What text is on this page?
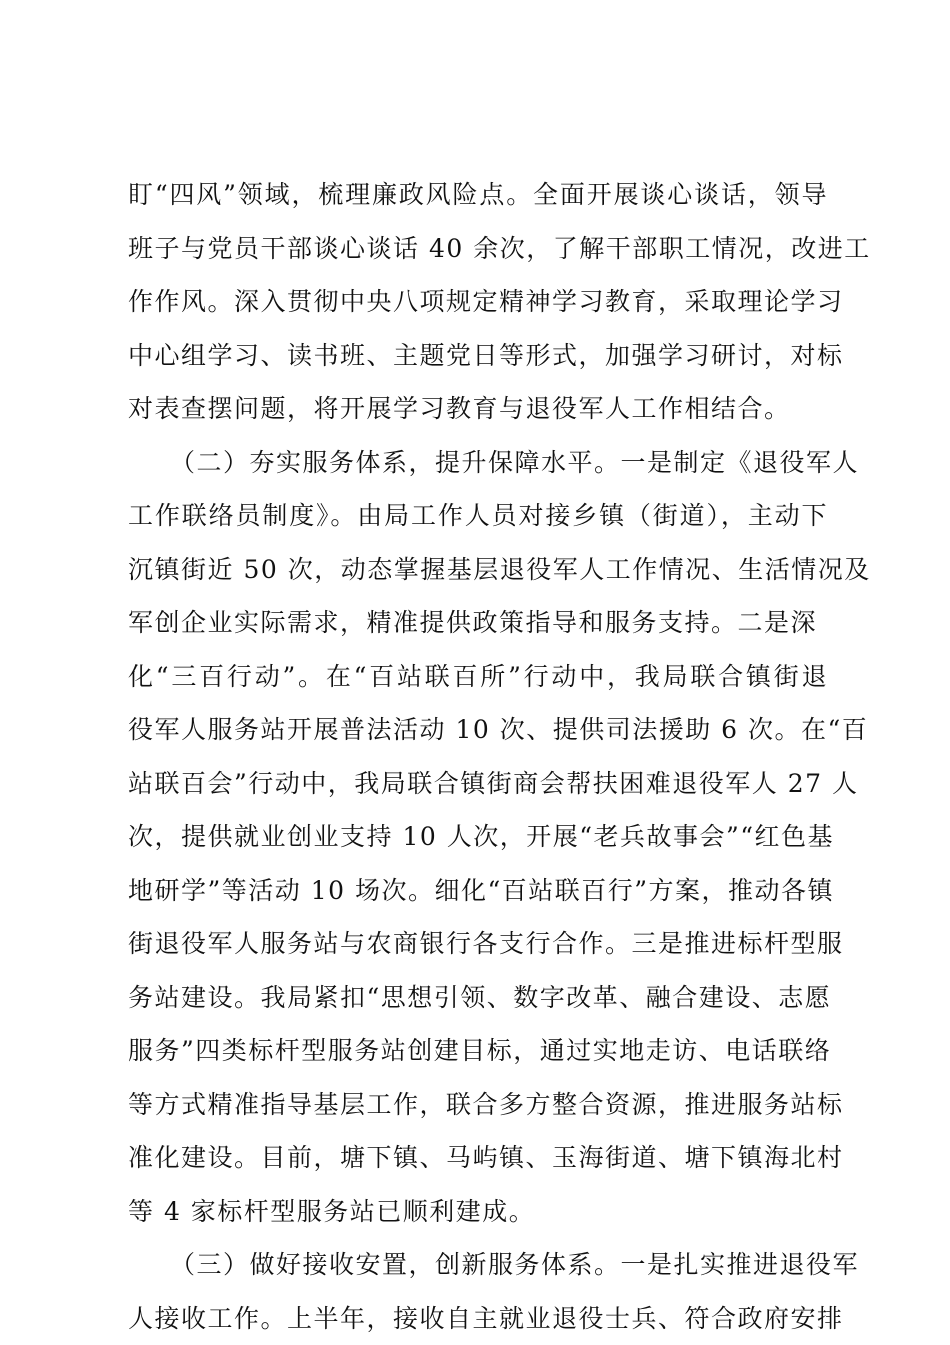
盯“四风”领域，梳理廉政风险点。全面开展谈心谈话，领导
班子与党员干部谈心谈话 40 余次，了解干部职工情况，改进工
作作风。深入贯彻中央八项规定精神学习教育，采取理论学习
中心组学习、读书班、主题党日等形式，加强学习研讨，对标
对表查摆问题，将开展学习教育与退役军人工作相结合。
（二）夯实服务体系，提升保障水平。一是制定《退役军人
工作联络员制度》。由局工作人员对接乡镇（街道），主动下
沉镇街近 50 次，动态掌握基层退役军人工作情况、生活情况及
军创企业实际需求，精准提供政策指导和服务支持。二是深
化“三百行动”。在“百站联百所”行动中，我局联合镇街退
役军人服务站开展普法活动 10 次、提供司法援助 6 次。在“百
站联百会”行动中，我局联合镇街商会帮扶困难退役军人 27 人
次，提供就业创业支持 10 人次，开展“老兵故事会”“红色基
地研学”等活动 10 场次。细化“百站联百行”方案，推动各镇
街退役军人服务站与农商银行各支行合作。三是推进标杆型服
务站建设。我局紧扣“思想引领、数字改革、融合建设、志愿
服务”四类标杆型服务站创建目标，通过实地走访、电话联络
等方式精准指导基层工作，联合多方整合资源，推进服务站标
准化建设。目前，塘下镇、马屿镇、玉海街道、塘下镇海北村
等 4 家标杆型服务站已顺利建成。
（三）做好接收安置，创新服务体系。一是扎实推进退役军
人接收工作。上半年，接收自主就业退役士兵、符合政府安排
